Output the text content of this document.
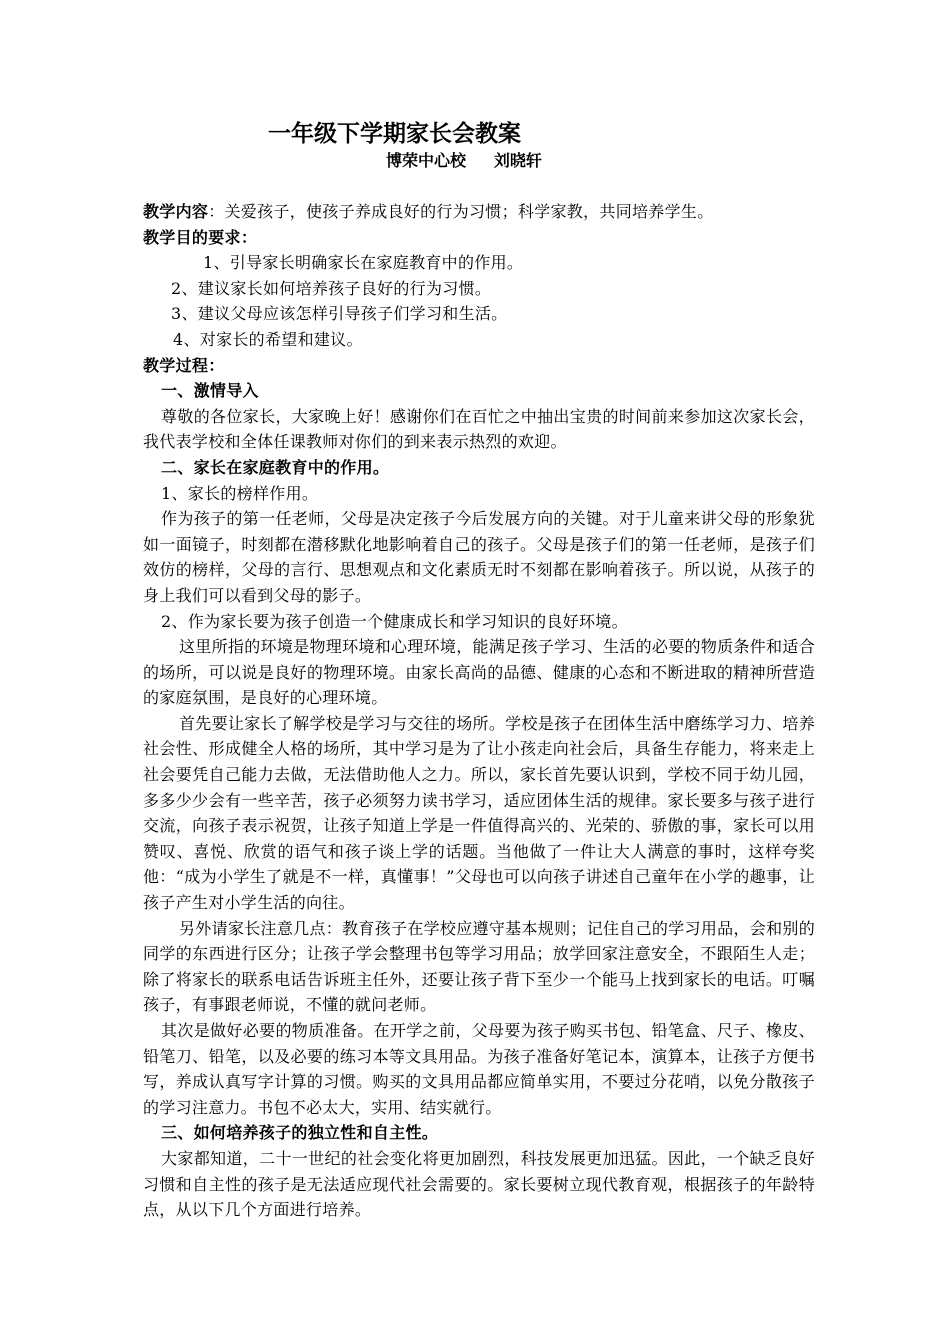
一年级下学期家长会教案
博荣中心校     刘晓轩
教学内容：关爱孩子，使孩子养成良好的行为习惯；科学家教，共同培养学生。
教学目的要求：
1、引导家长明确家长在家庭教育中的作用。
2、建议家长如何培养孩子良好的行为习惯。
3、建议父母应该怎样引导孩子们学习和生活。
4、对家长的希望和建议。
教学过程：
一、激情导入
尊敬的各位家长，大家晚上好！感谢你们在百忙之中抽出宝贵的时间前来参加这次家长会，我代表学校和全体任课教师对你们的到来表示热烈的欢迎。
二、家长在家庭教育中的作用。
1、家长的榜样作用。
作为孩子的第一任老师，父母是决定孩子今后发展方向的关键。对于儿童来讲父母的形象犹如一面镜子，时刻都在潜移默化地影响着自己的孩子。父母是孩子们的第一任老师，是孩子们效仿的榜样，父母的言行、思想观点和文化素质无时不刻都在影响着孩子。所以说，从孩子的身上我们可以看到父母的影子。
2、作为家长要为孩子创造一个健康成长和学习知识的良好环境。
这里所指的环境是物理环境和心理环境，能满足孩子学习、生活的必要的物质条件和适合的场所，可以说是良好的物理环境。由家长高尚的品德、健康的心态和不断进取的精神所营造的家庭氛围，是良好的心理环境。
首先要让家长了解学校是学习与交往的场所。学校是孩子在团体生活中磨练学习力、培养社会性、形成健全人格的场所，其中学习是为了让小孩走向社会后，具备生存能力，将来走上社会要凭自己能力去做，无法借助他人之力。所以，家长首先要认识到，学校不同于幼儿园，多多少少会有一些辛苦，孩子必须努力读书学习，适应团体生活的规律。家长要多与孩子进行交流，向孩子表示祝贺，让孩子知道上学是一件值得高兴的、光荣的、骄傲的事，家长可以用赞叹、喜悦、欣赏的语气和孩子谈上学的话题。当他做了一件让大人满意的事时，这样夸奖他：“成为小学生了就是不一样，真懂事！”父母也可以向孩子讲述自己童年在小学的趣事，让孩子产生对小学生活的向往。
另外请家长注意几点：教育孩子在学校应遵守基本规则；记住自己的学习用品，会和别的同学的东西进行区分；让孩子学会整理书包等学习用品；放学回家注意安全，不跟陌生人走；除了将家长的联系电话告诉班主任外，还要让孩子背下至少一个能马上找到家长的电话。叮嘱孩子，有事跟老师说，不懂的就问老师。
其次是做好必要的物质准备。在开学之前，父母要为孩子购买书包、铅笔盒、尺子、橡皮、铅笔刀、铅笔，以及必要的练习本等文具用品。为孩子准备好笔记本，演算本，让孩子方便书写，养成认真写字计算的习惯。购买的文具用品都应简单实用，不要过分花哨，以免分散孩子的学习注意力。书包不必太大，实用、结实就行。
三、如何培养孩子的独立性和自主性。
大家都知道，二十一世纪的社会变化将更加剧烈，科技发展更加迅猛。因此，一个缺乏良好习惯和自主性的孩子是无法适应现代社会需要的。家长要树立现代教育观，根据孩子的年龄特点，从以下几个方面进行培养。
